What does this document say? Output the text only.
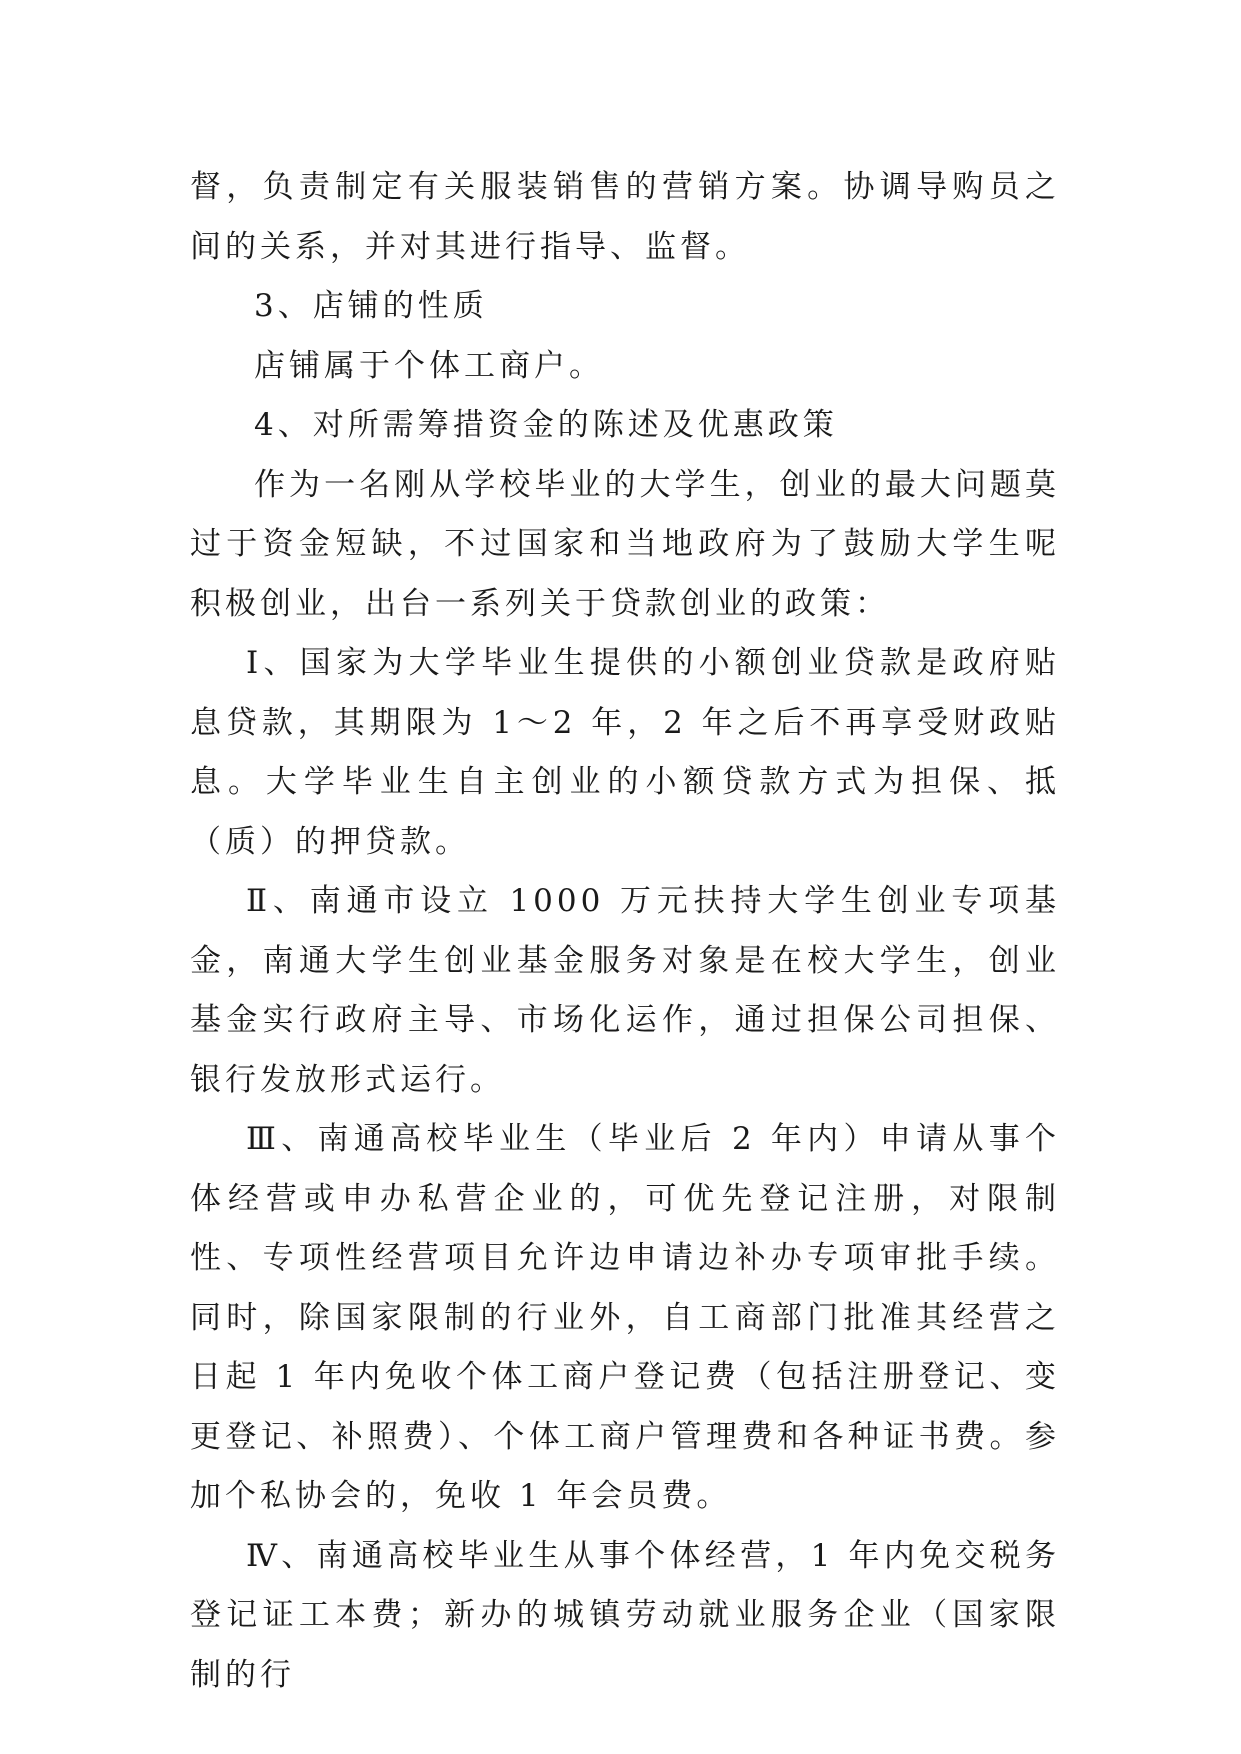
督，负责制定有关服装销售的营销方案。协调导购员之间的关系，并对其进行指导、监督。

3、店铺的性质

店铺属于个体工商户。

4、对所需筹措资金的陈述及优惠政策

作为一名刚从学校毕业的大学生，创业的最大问题莫过于资金短缺，不过国家和当地政府为了鼓励大学生呢积极创业，出台一系列关于贷款创业的政策：

Ⅰ、国家为大学毕业生提供的小额创业贷款是政府贴息贷款，其期限为 1～2 年，2 年之后不再享受财政贴息。大学毕业生自主创业的小额贷款方式为担保、抵（质）的押贷款。

Ⅱ、南通市设立 1000 万元扶持大学生创业专项基金，南通大学生创业基金服务对象是在校大学生，创业基金实行政府主导、市场化运作，通过担保公司担保、银行发放形式运行。

Ⅲ、南通高校毕业生（毕业后 2 年内）申请从事个体经营或申办私营企业的，可优先登记注册，对限制性、专项性经营项目允许边申请边补办专项审批手续。同时，除国家限制的行业外，自工商部门批准其经营之日起 1 年内免收个体工商户登记费（包括注册登记、变更登记、补照费）、个体工商户管理费和各种证书费。参加个私协会的，免收 1 年会员费。

Ⅳ、南通高校毕业生从事个体经营，1 年内免交税务登记证工本费；新办的城镇劳动就业服务企业（国家限制的行
